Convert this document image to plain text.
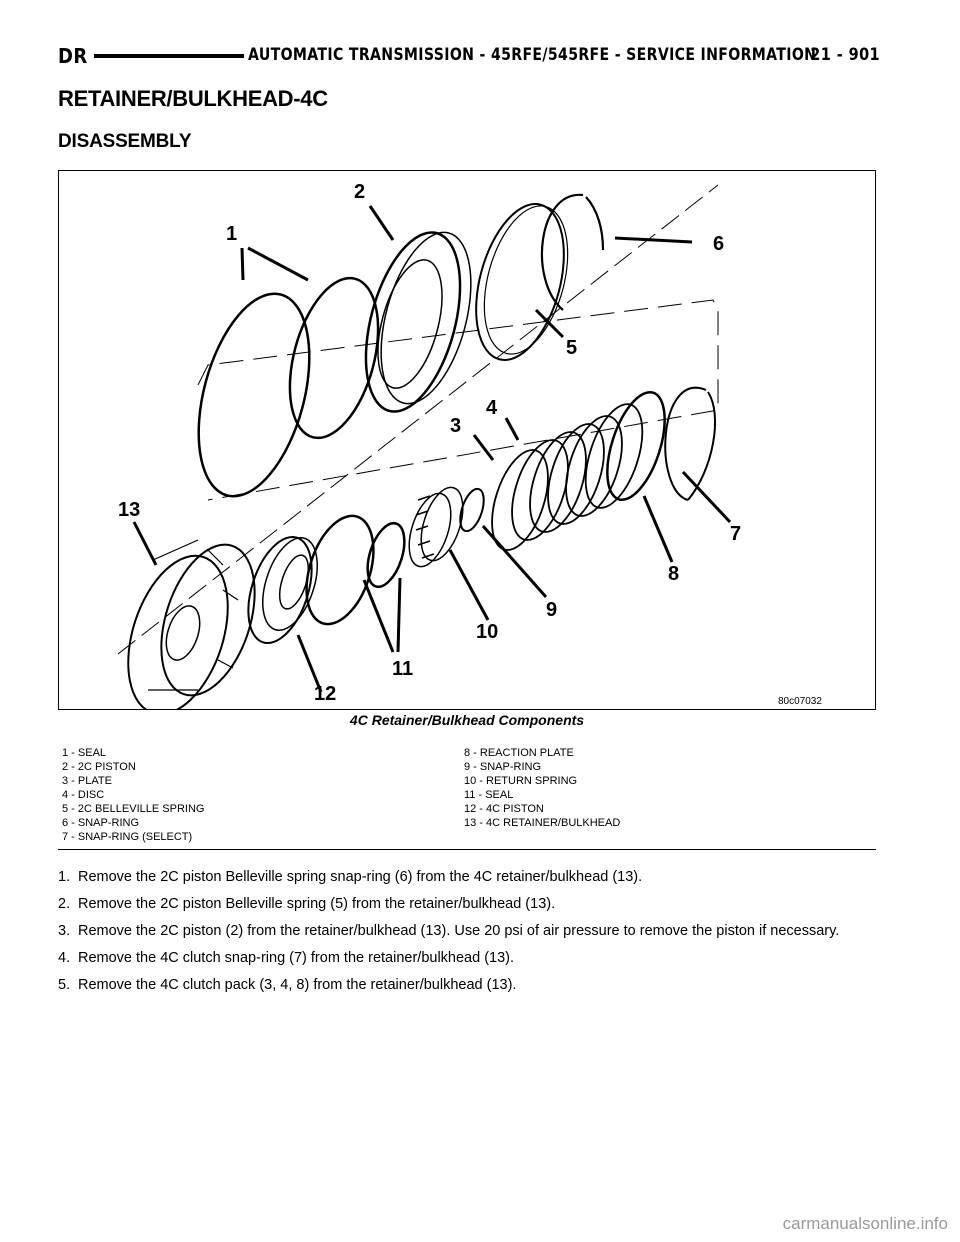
DR	AUTOMATIC TRANSMISSION - 45RFE/545RFE - SERVICE INFORMATION
21 - 901
RETAINER/BULKHEAD-4C
DISASSEMBLY
1
2
3
4
5
6
7
8
9
10
11
12
13
80c07032
4C Retainer/Bulkhead Components
1 - SEAL
2 - 2C PISTON
3 - PLATE
4 - DISC
5 - 2C BELLEVILLE SPRING
6 - SNAP-RING
7 - SNAP-RING (SELECT)
8 - REACTION PLATE
9 - SNAP-RING
10 - RETURN SPRING
11 - SEAL
12 - 4C PISTON
13 - 4C RETAINER/BULKHEAD
1. Remove the 2C piston Belleville spring snap-ring (6) from the 4C retainer/bulkhead (13).
2. Remove the 2C piston Belleville spring (5) from the retainer/bulkhead (13).
3. Remove the 2C piston (2) from the retainer/bulkhead (13). Use 20 psi of air pressure to remove the piston if necessary.
4. Remove the 4C clutch snap-ring (7) from the retainer/bulkhead (13).
5. Remove the 4C clutch pack (3, 4, 8) from the retainer/bulkhead (13).
carmanualsonline.info
